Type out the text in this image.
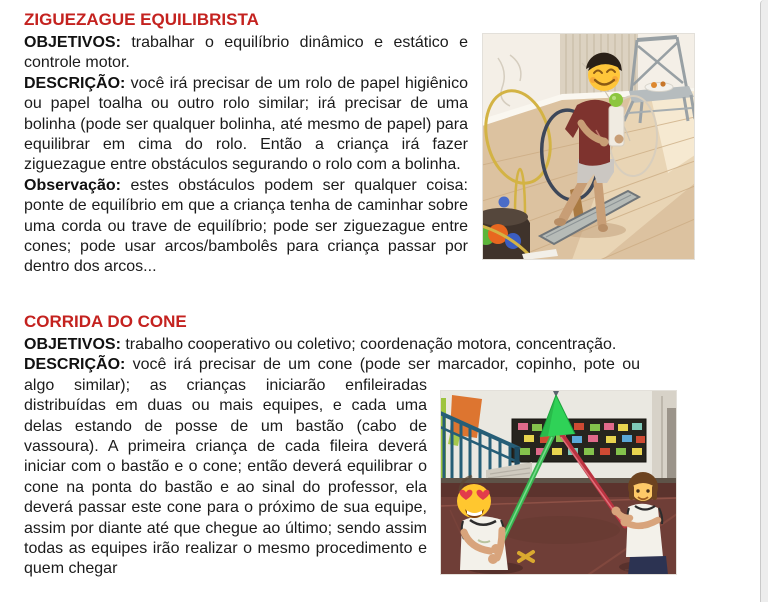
ZIGUEZAGUE EQUILIBRISTA

OBJETIVOS: trabalhar o equilíbrio dinâmico e estático e controle motor.

DESCRIÇÃO: você irá precisar de um rolo de papel higiênico ou papel toalha ou outro rolo similar; irá precisar de uma bolinha (pode ser qualquer bolinha, até mesmo de papel) para equilibrar em cima do rolo. Então a criança irá fazer ziguezague entre obstáculos segurando o rolo com a bolinha.

Observação: estes obstáculos podem ser qualquer coisa: ponte de equilíbrio em que a criança tenha de caminhar sobre uma corda ou trave de equilíbrio; pode ser ziguezague entre cones; pode usar arcos/bambolês para criança passar por dentro dos arcos...

CORRIDA DO CONE

OBJETIVOS: trabalho cooperativo ou coletivo; coordenação motora, concentração.

DESCRIÇÃO: você irá precisar de um cone (pode ser marcador, copinho, pote ou algo similar); as crianças iniciarão enfileiradas distribuídas em duas ou mais equipes, e cada uma delas estando de posse de um bastão (cabo de vassoura). A primeira criança de cada fileira deverá iniciar com o bastão e o cone; então deverá equilibrar o cone na ponta do bastão e ao sinal do professor, ela deverá passar este cone para o próximo de sua equipe, assim por diante até que chegue ao último; sendo assim todas as equipes irão realizar o mesmo procedimento e quem chegar
